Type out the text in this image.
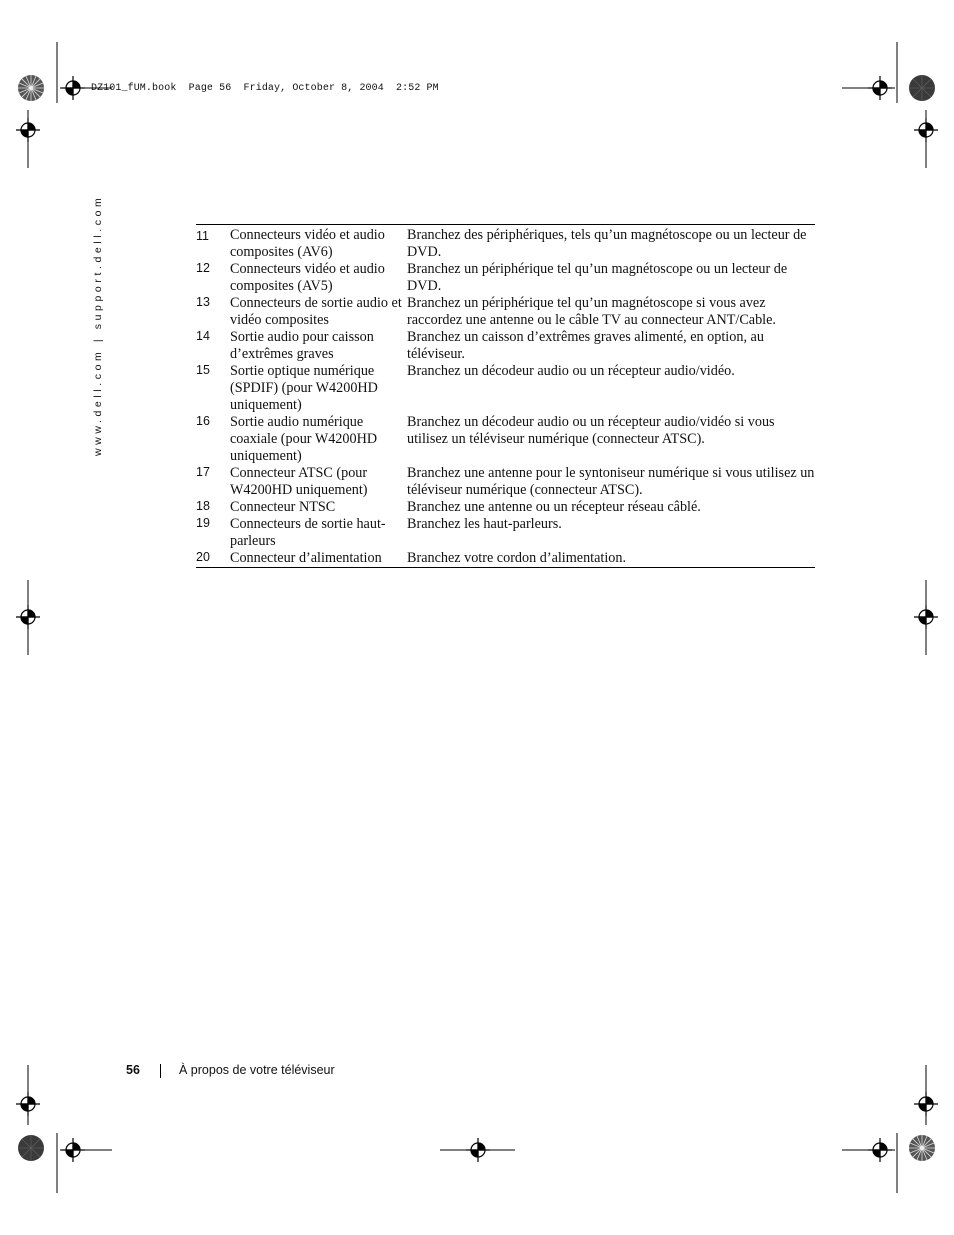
DZ101_fUM.book  Page 56  Friday, October 8, 2004  2:52 PM
www.dell.com | support.dell.com	11	Connecteurs vidéo et audio composites (AV6)	Branchez des périphériques, tels qu’un magnétoscope ou un lecteur de DVD.
12	Connecteurs vidéo et audio composites (AV5)	Branchez un périphérique tel qu’un magnétoscope ou un lecteur de DVD.
13	Connecteurs de sortie audio et vidéo composites	Branchez un périphérique tel qu’un magnétoscope si vous avez raccordez une antenne ou le câble TV au connecteur ANT/Cable.
14	Sortie audio pour caisson d’extrêmes graves	Branchez un caisson d’extrêmes graves alimenté, en option, au téléviseur.
15	Sortie optique numérique (SPDIF) (pour W4200HD uniquement)	Branchez un décodeur audio ou un récepteur audio/vidéo.
16	Sortie audio numérique coaxiale (pour W4200HD uniquement)	Branchez un décodeur audio ou un récepteur audio/vidéo si vous utilisez un téléviseur numérique (connecteur ATSC).
17	Connecteur ATSC (pour W4200HD uniquement)	Branchez une antenne pour le syntoniseur numérique si vous utilisez un téléviseur numérique (connecteur ATSC).
18	Connecteur NTSC	Branchez une antenne ou un récepteur réseau câblé.
19	Connecteurs de sortie haut-parleurs	Branchez les haut-parleurs.
20	Connecteur d’alimentation	Branchez votre cordon d’alimentation.
56	À propos de votre téléviseur
